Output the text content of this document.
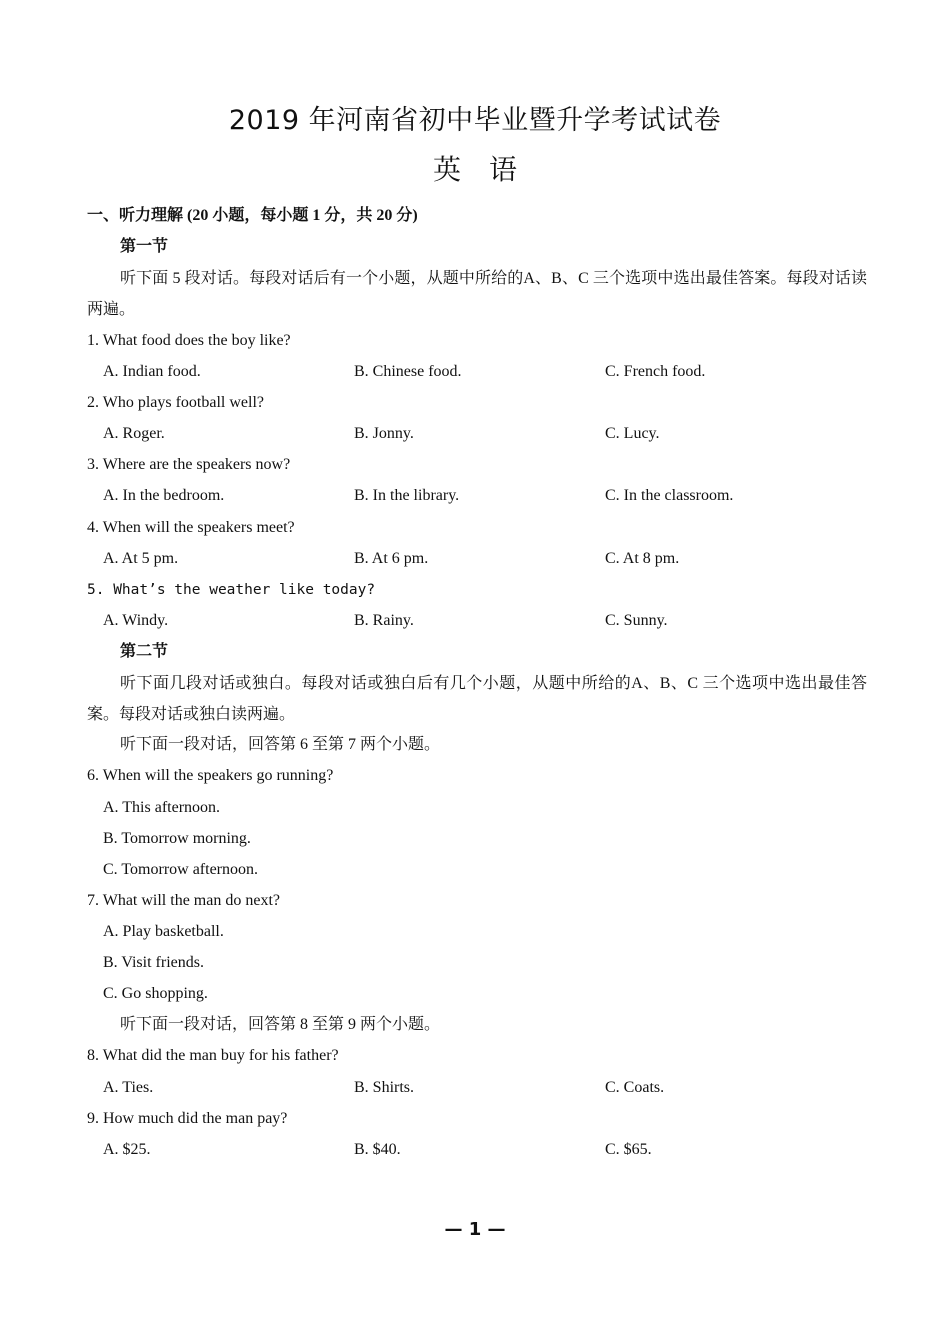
2019 年河南省初中毕业暨升学考试试卷
英语
一、听力理解 (20 小题，每小题 1 分，共 20 分)
第一节
听下面 5 段对话。每段对话后有一个小题，从题中所给的A、B、C 三个选项中选出最佳答案。每段对话读两遍。
1. What food does the boy like?
A. Indian food.	B. Chinese food.	C. French food.
2. Who plays football well?
A. Roger.	B. Jonny.	C. Lucy.
3. Where are the speakers now?
A. In the bedroom.	B. In the library.	C. In the classroom.
4. When will the speakers meet?
A. At 5 pm.	B. At 6 pm.	C. At 8 pm.
5. What’s the weather like today?
A. Windy.	B. Rainy.	C. Sunny.
第二节
听下面几段对话或独白。每段对话或独白后有几个小题，从题中所给的A、B、C 三个选项中选出最佳答案。每段对话或独白读两遍。
听下面一段对话，回答第 6 至第 7 两个小题。
6. When will the speakers go running?
A. This afternoon.
B. Tomorrow morning.
C. Tomorrow afternoon.
7. What will the man do next?
A. Play basketball.
B. Visit friends.
C. Go shopping.
听下面一段对话，回答第 8 至第 9 两个小题。
8. What did the man buy for his father?
A. Ties.	B. Shirts.	C. Coats.
9. How much did the man pay?
A. $25.	B. $40.	C. $65.
— 1 —
